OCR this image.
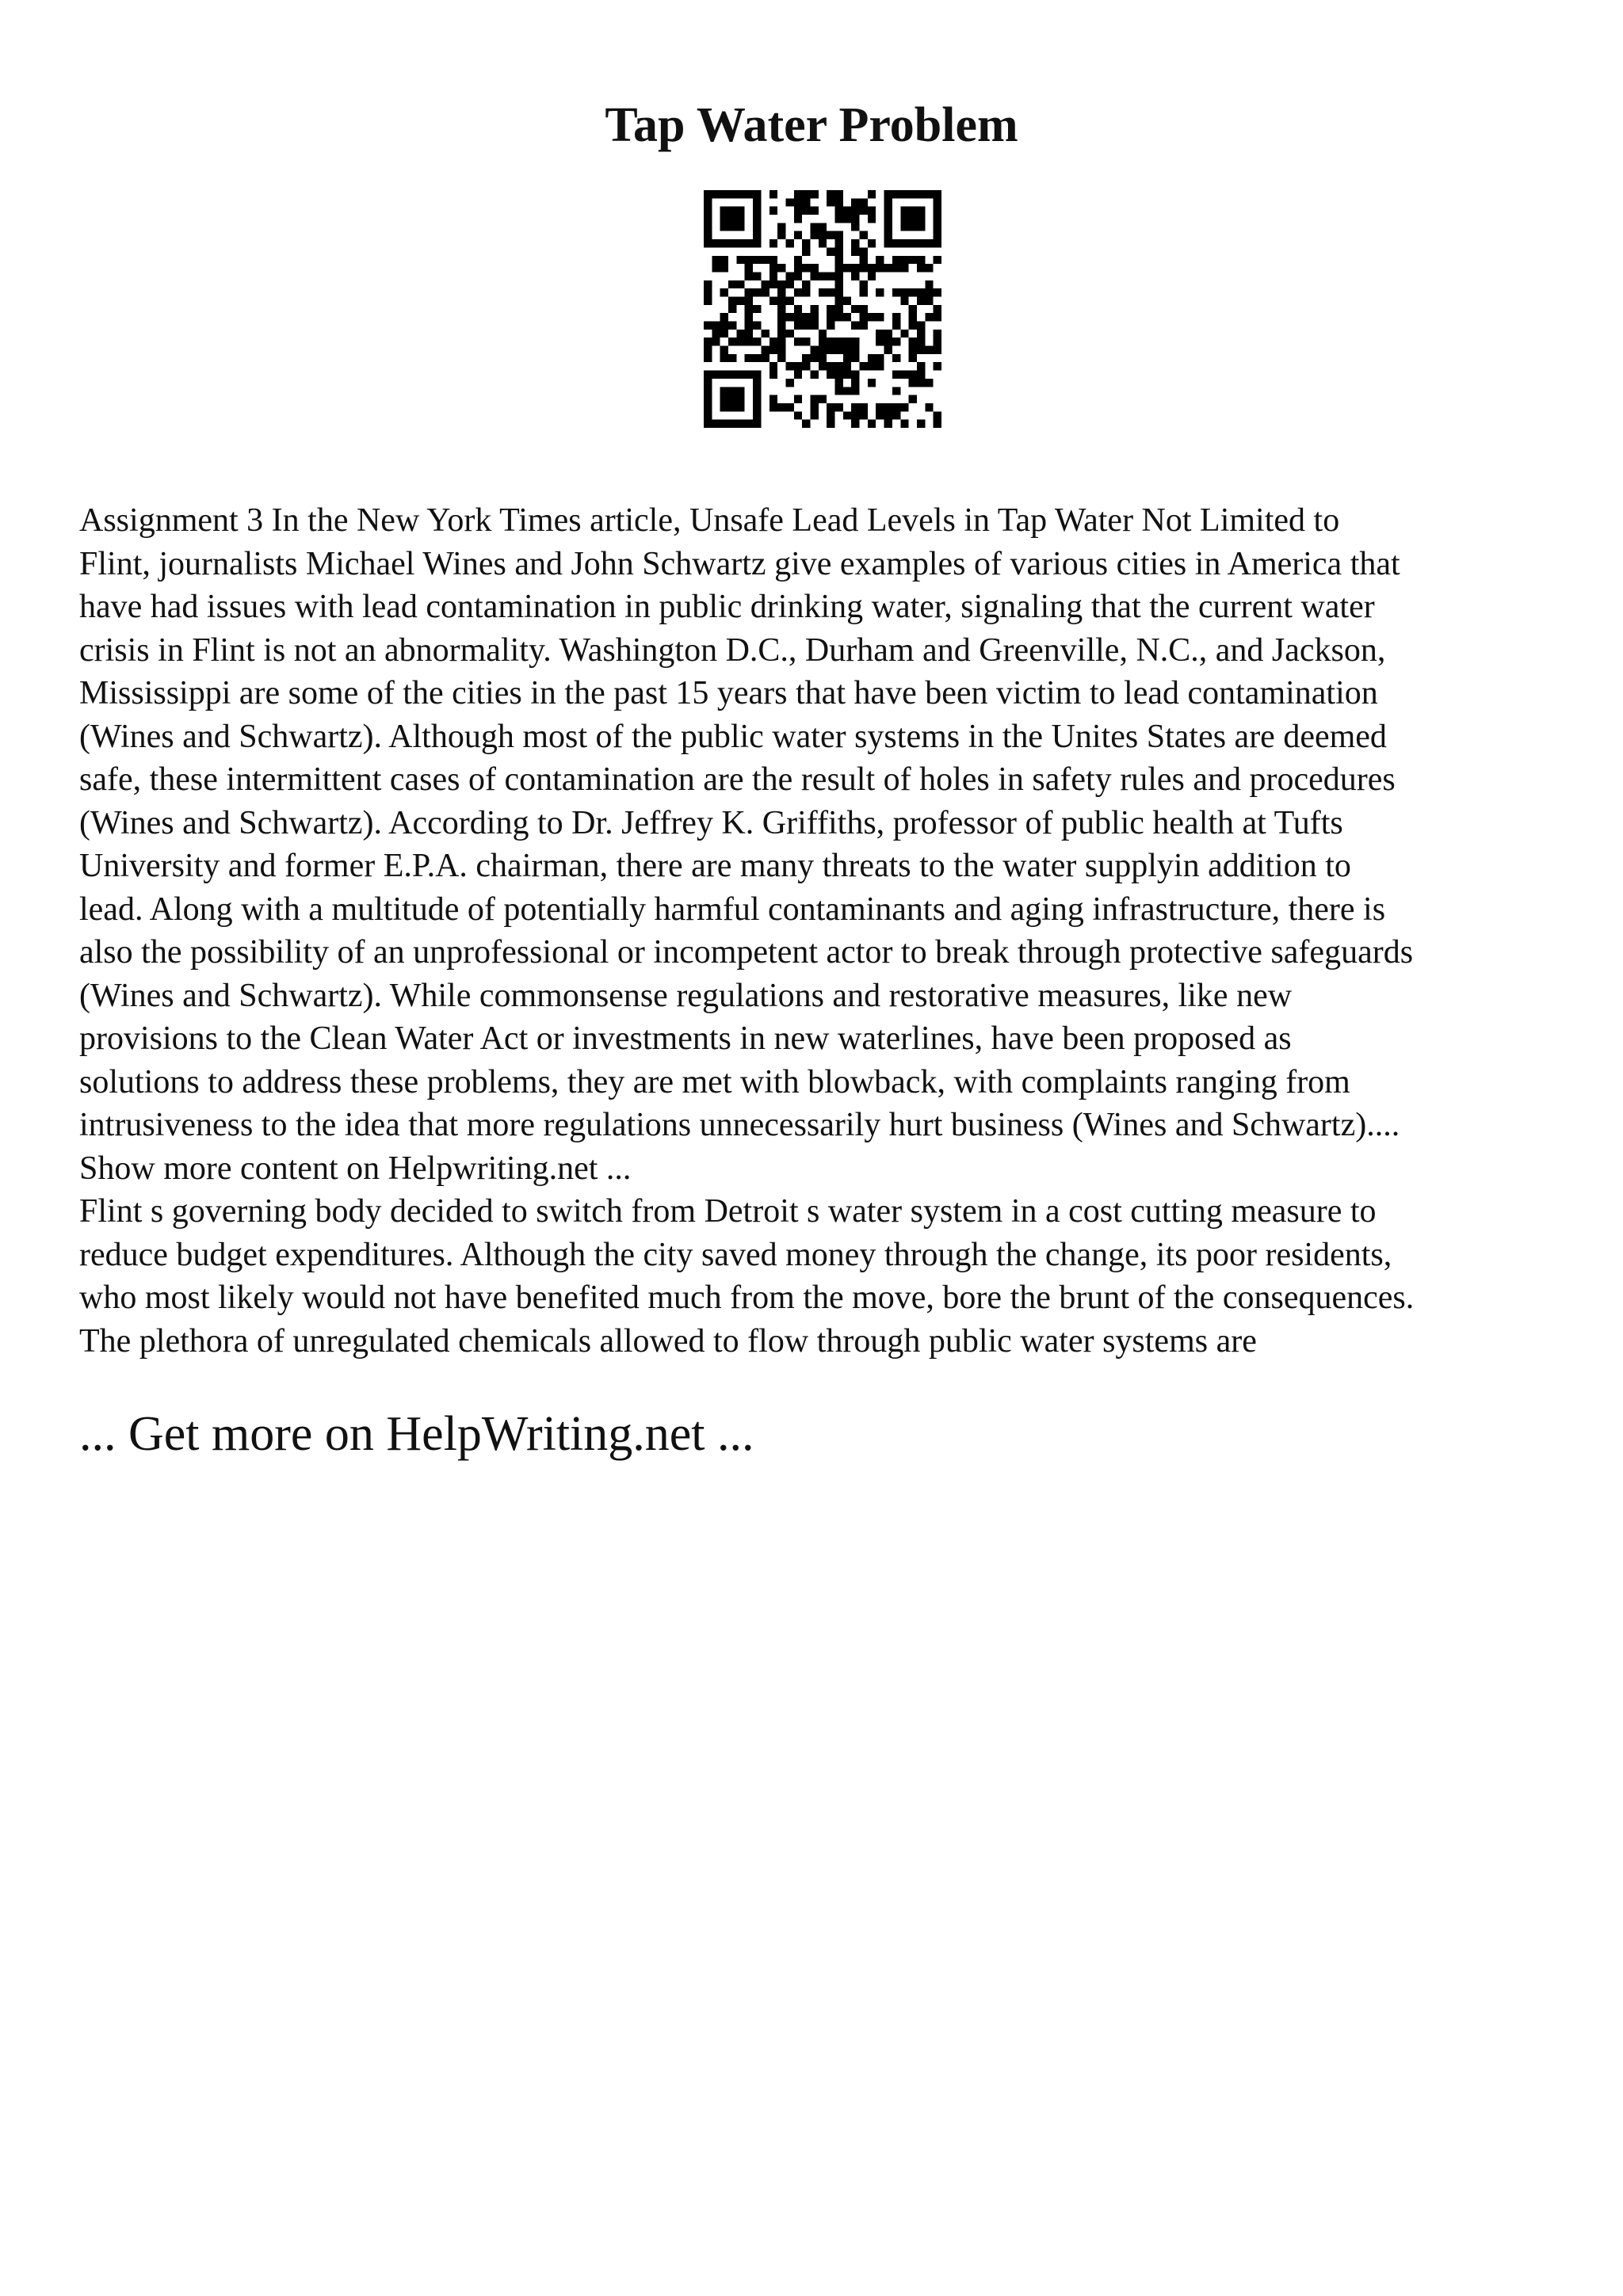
Tap Water Problem

Assignment 3 In the New York Times article, Unsafe Lead Levels in Tap Water Not Limited to

Flint, journalists Michael Wines and John Schwartz give examples of various cities in America that

have had issues with lead contamination in public drinking water, signaling that the current water

crisis in Flint is not an abnormality. Washington D.C., Durham and Greenville, N.C., and Jackson,

Mississippi are some of the cities in the past 15 years that have been victim to lead contamination

(Wines and Schwartz). Although most of the public water systems in the Unites States are deemed

safe, these intermittent cases of contamination are the result of holes in safety rules and procedures

(Wines and Schwartz). According to Dr. Jeffrey K. Griffiths, professor of public health at Tufts

University and former E.P.A. chairman, there are many threats to the water supplyin addition to

lead. Along with a multitude of potentially harmful contaminants and aging infrastructure, there is

also the possibility of an unprofessional or incompetent actor to break through protective safeguards

(Wines and Schwartz). While commonsense regulations and restorative measures, like new

provisions to the Clean Water Act or investments in new waterlines, have been proposed as

solutions to address these problems, they are met with blowback, with complaints ranging from

intrusiveness to the idea that more regulations unnecessarily hurt business (Wines and Schwartz)....

Show more content on Helpwriting.net ...

Flint s governing body decided to switch from Detroit s water system in a cost cutting measure to

reduce budget expenditures. Although the city saved money through the change, its poor residents,

who most likely would not have benefited much from the move, bore the brunt of the consequences.

The plethora of unregulated chemicals allowed to flow through public water systems are

... Get more on HelpWriting.net ...
